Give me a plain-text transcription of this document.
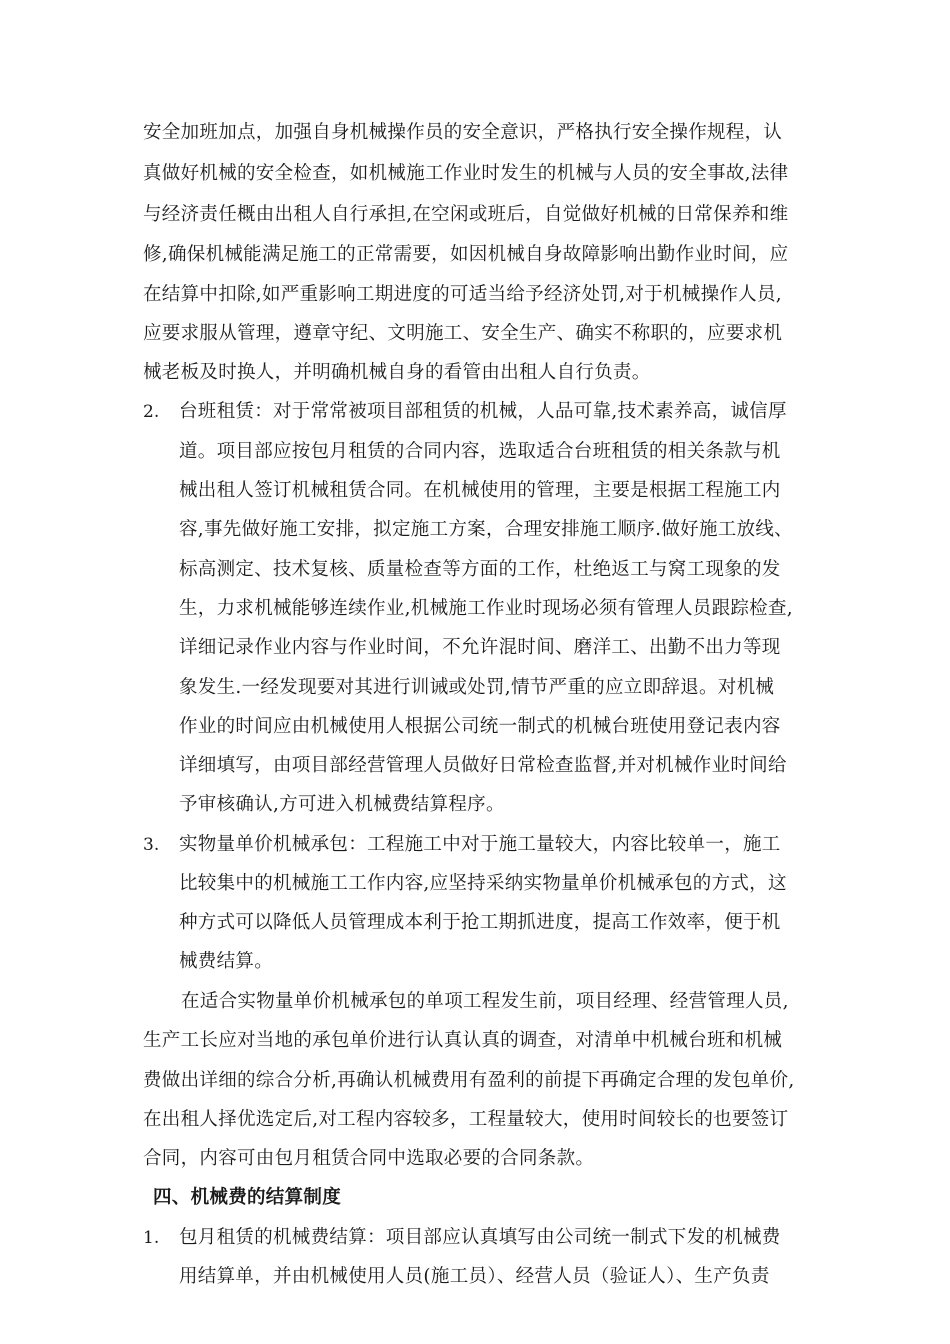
安全加班加点，加强自身机械操作员的安全意识，严格执行安全操作规程，认
真做好机械的安全检查，如机械施工作业时发生的机械与人员的安全事故,法律
与经济责任概由出租人自行承担,在空闲或班后，自觉做好机械的日常保养和维
修,确保机械能满足施工的正常需要，如因机械自身故障影响出勤作业时间，应
在结算中扣除,如严重影响工期进度的可适当给予经济处罚,对于机械操作人员,
应要求服从管理，遵章守纪、文明施工、安全生产、确实不称职的，应要求机
械老板及时换人，并明确机械自身的看管由出租人自行负责。
2. 台班租赁：对于常常被项目部租赁的机械，人品可靠,技术素养高，诚信厚
道。项目部应按包月租赁的合同内容，选取适合台班租赁的相关条款与机
械出租人签订机械租赁合同。在机械使用的管理，主要是根据工程施工内
容,事先做好施工安排，拟定施工方案，合理安排施工顺序.做好施工放线、
标高测定、技术复核、质量检查等方面的工作，杜绝返工与窝工现象的发
生，力求机械能够连续作业,机械施工作业时现场必须有管理人员跟踪检查,
详细记录作业内容与作业时间，不允许混时间、磨洋工、出勤不出力等现
象发生.一经发现要对其进行训诫或处罚,情节严重的应立即辞退。对机械
作业的时间应由机械使用人根据公司统一制式的机械台班使用登记表内容
详细填写，由项目部经营管理人员做好日常检查监督,并对机械作业时间给
予审核确认,方可进入机械费结算程序。
3. 实物量单价机械承包：工程施工中对于施工量较大，内容比较单一，施工
比较集中的机械施工工作内容,应坚持采纳实物量单价机械承包的方式，这
种方式可以降低人员管理成本利于抢工期抓进度，提高工作效率，便于机
械费结算。
在适合实物量单价机械承包的单项工程发生前，项目经理、经营管理人员,
生产工长应对当地的承包单价进行认真认真的调查，对清单中机械台班和机械
费做出详细的综合分析,再确认机械费用有盈利的前提下再确定合理的发包单价,
在出租人择优选定后,对工程内容较多，工程量较大，使用时间较长的也要签订
合同，内容可由包月租赁合同中选取必要的合同条款。
四、机械费的结算制度
1. 包月租赁的机械费结算：项目部应认真填写由公司统一制式下发的机械费
用结算单，并由机械使用人员(施工员）、经营人员（验证人）、生产负责
